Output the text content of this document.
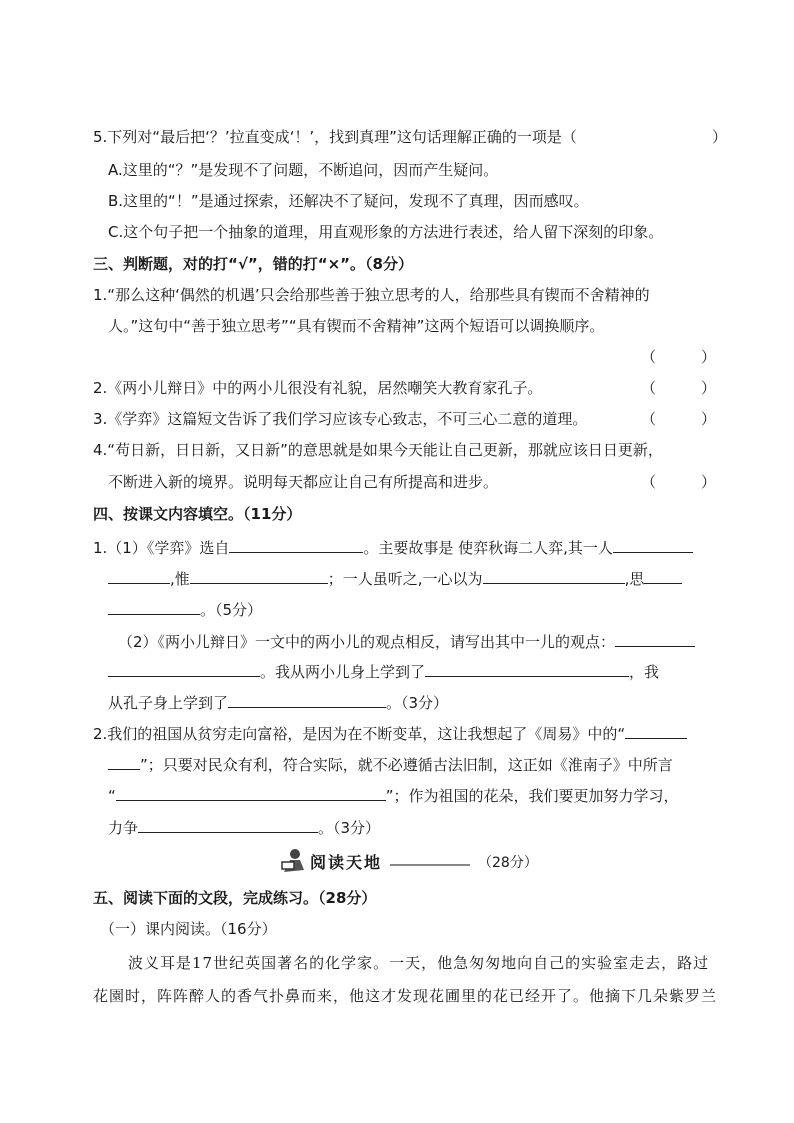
5.下列对“最后把‘？’拉直变成‘！’，找到真理”这句话理解正确的一项是（	）
A.这里的“？”是发现不了问题，不断追问，因而产生疑问。
B.这里的“！”是通过探索，还解决不了疑问，发现不了真理，因而感叹。
C.这个句子把一个抽象的道理，用直观形象的方法进行表述，给人留下深刻的印象。
三、判断题，对的打“√”，错的打“×”。（8分）
1.“那么这种‘偶然的机遇’只会给那些善于独立思考的人，给那些具有锲而不舍精神的
人。”这句中“善于独立思考”“具有锲而不舍精神”这两个短语可以调换顺序。
（　　　）
2.《两小儿辩日》中的两小儿很没有礼貌，居然嘲笑大教育家孔子。	（　　　）
3.《学弈》这篇短文告诉了我们学习应该专心致志，不可三心二意的道理。	（　　　）
4.“苟日新，日日新，又日新”的意思就是如果今天能让自己更新，那就应该日日更新，
不断进入新的境界。说明每天都应让自己有所提高和进步。	（　　　）
四、按课文内容填空。（11分）
1.（1）《学弈》选自	。主要故事是 使弈秋诲二人弈,其一人
,惟	；一人虽听之,一心以为	,思
。（5分）
（2）《两小儿辩日》一文中的两小儿的观点相反，请写出其中一儿的观点：
。我从两小儿身上学到了	，我
从孔子身上学到了	。（3分）
2.我们的祖国从贫穷走向富裕，是因为在不断变革，这让我想起了《周易》中的“
”；只要对民众有利，符合实际，就不必遵循古法旧制，这正如《淮南子》中所言
“	”；作为祖国的花朵，我们要更加努力学习，
力争	。（3分）
阅读天地	（28分）
五、阅读下面的文段，完成练习。（28分）
（一）课内阅读。（16分）
波义耳是17世纪英国著名的化学家。一天，他急匆匆地向自己的实验室走去，路过
花園时，阵阵醉人的香气扑鼻而来，他这才发现花圃里的花已经开了。他摘下几朵紫罗兰
